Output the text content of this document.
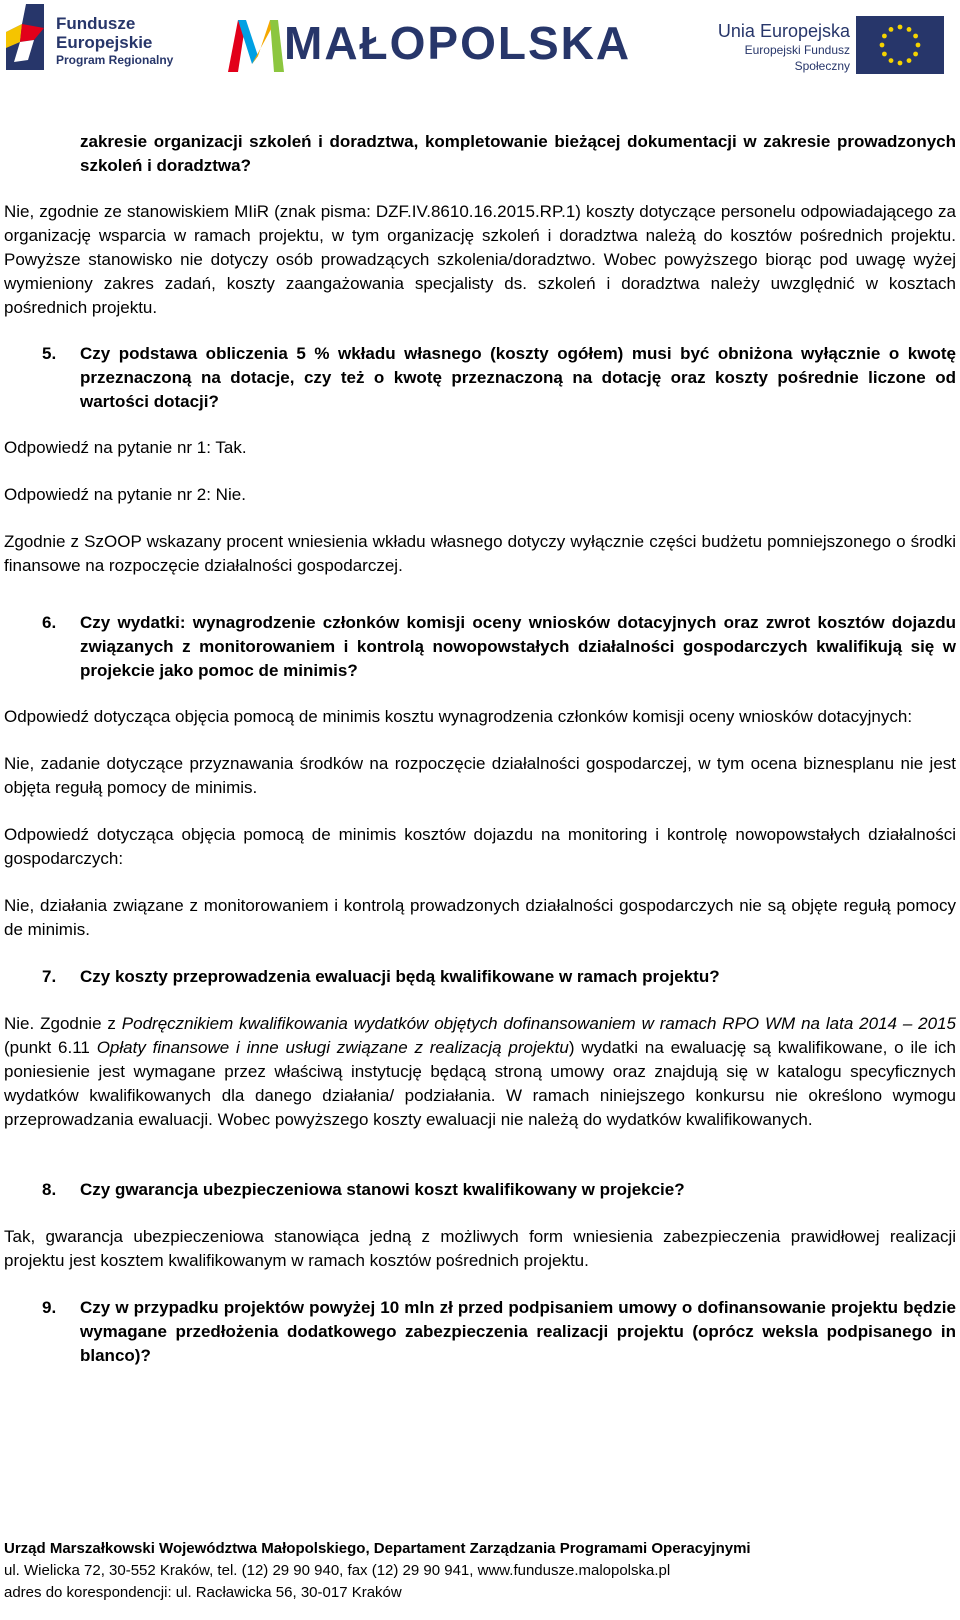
Fundusze
Europejskie
Program Regionalny MAŁOPOLSKA	Unia Europejska
Europejski Fundusz Społeczny

zakresie organizacji szkoleń i doradztwa, kompletowanie bieżącej dokumentacji w zakresie prowadzonych szkoleń i doradztwa?

Nie, zgodnie ze stanowiskiem MIiR (znak pisma: DZF.IV.8610.16.2015.RP.1) koszty dotyczące personelu odpowiadającego za organizację wsparcia w ramach projektu, w tym organizację szkoleń i doradztwa należą do kosztów pośrednich projektu. Powyższe stanowisko nie dotyczy osób prowadzących szkolenia/doradztwo. Wobec powyższego biorąc pod uwagę wyżej wymieniony zakres zadań, koszty zaangażowania specjalisty ds. szkoleń i doradztwa należy uwzględnić w kosztach pośrednich projektu.

5. Czy podstawa obliczenia 5 % wkładu własnego (koszty ogółem) musi być obniżona wyłącznie o kwotę przeznaczoną na dotacje, czy też o kwotę przeznaczoną na dotację oraz koszty pośrednie liczone od wartości dotacji?

Odpowiedź na pytanie nr 1: Tak.

Odpowiedź na pytanie nr 2: Nie.

Zgodnie z SzOOP wskazany procent wniesienia wkładu własnego dotyczy wyłącznie części budżetu pomniejszonego o środki finansowe na rozpoczęcie działalności gospodarczej.

6. Czy wydatki: wynagrodzenie członków komisji oceny wniosków dotacyjnych oraz zwrot kosztów dojazdu związanych z monitorowaniem i kontrolą nowopowstałych działalności gospodarczych kwalifikują się w projekcie jako pomoc de minimis?

Odpowiedź dotycząca objęcia pomocą de minimis kosztu wynagrodzenia członków komisji oceny wniosków dotacyjnych:

Nie, zadanie dotyczące przyznawania środków na rozpoczęcie działalności gospodarczej, w tym ocena biznesplanu nie jest objęta regułą pomocy de minimis.

Odpowiedź dotycząca objęcia pomocą de minimis kosztów dojazdu na monitoring i kontrolę nowopowstałych działalności gospodarczych:

Nie, działania związane z monitorowaniem i kontrolą prowadzonych działalności gospodarczych nie są objęte regułą pomocy de minimis.

7. Czy koszty przeprowadzenia ewaluacji będą kwalifikowane w ramach projektu?

Nie. Zgodnie z Podręcznikiem kwalifikowania wydatków objętych dofinansowaniem w ramach RPO WM na lata 2014 – 2015 (punkt 6.11 Opłaty finansowe i inne usługi związane z realizacją projektu) wydatki na ewaluację są kwalifikowane, o ile ich poniesienie jest wymagane przez właściwą instytucję będącą stroną umowy oraz znajdują się w katalogu specyficznych wydatków kwalifikowanych dla danego działania/ podziałania. W ramach niniejszego konkursu nie określono wymogu przeprowadzania ewaluacji. Wobec powyższego koszty ewaluacji nie należą do wydatków kwalifikowanych.

8. Czy gwarancja ubezpieczeniowa stanowi koszt kwalifikowany w projekcie?

Tak, gwarancja ubezpieczeniowa stanowiąca jedną z możliwych form wniesienia zabezpieczenia prawidłowej realizacji projektu jest kosztem kwalifikowanym w ramach kosztów pośrednich projektu.

9. Czy w przypadku projektów powyżej 10 mln zł przed podpisaniem umowy o dofinansowanie projektu będzie wymagane przedłożenia dodatkowego zabezpieczenia realizacji projektu (oprócz weksla podpisanego in blanco)?

Urząd Marszałkowski Województwa Małopolskiego, Departament Zarządzania Programami Operacyjnymi
ul. Wielicka 72, 30-552 Kraków, tel. (12) 29 90 940, fax (12) 29 90 941, www.fundusze.malopolska.pl
adres do korespondencji: ul. Racławicka 56, 30-017 Kraków
